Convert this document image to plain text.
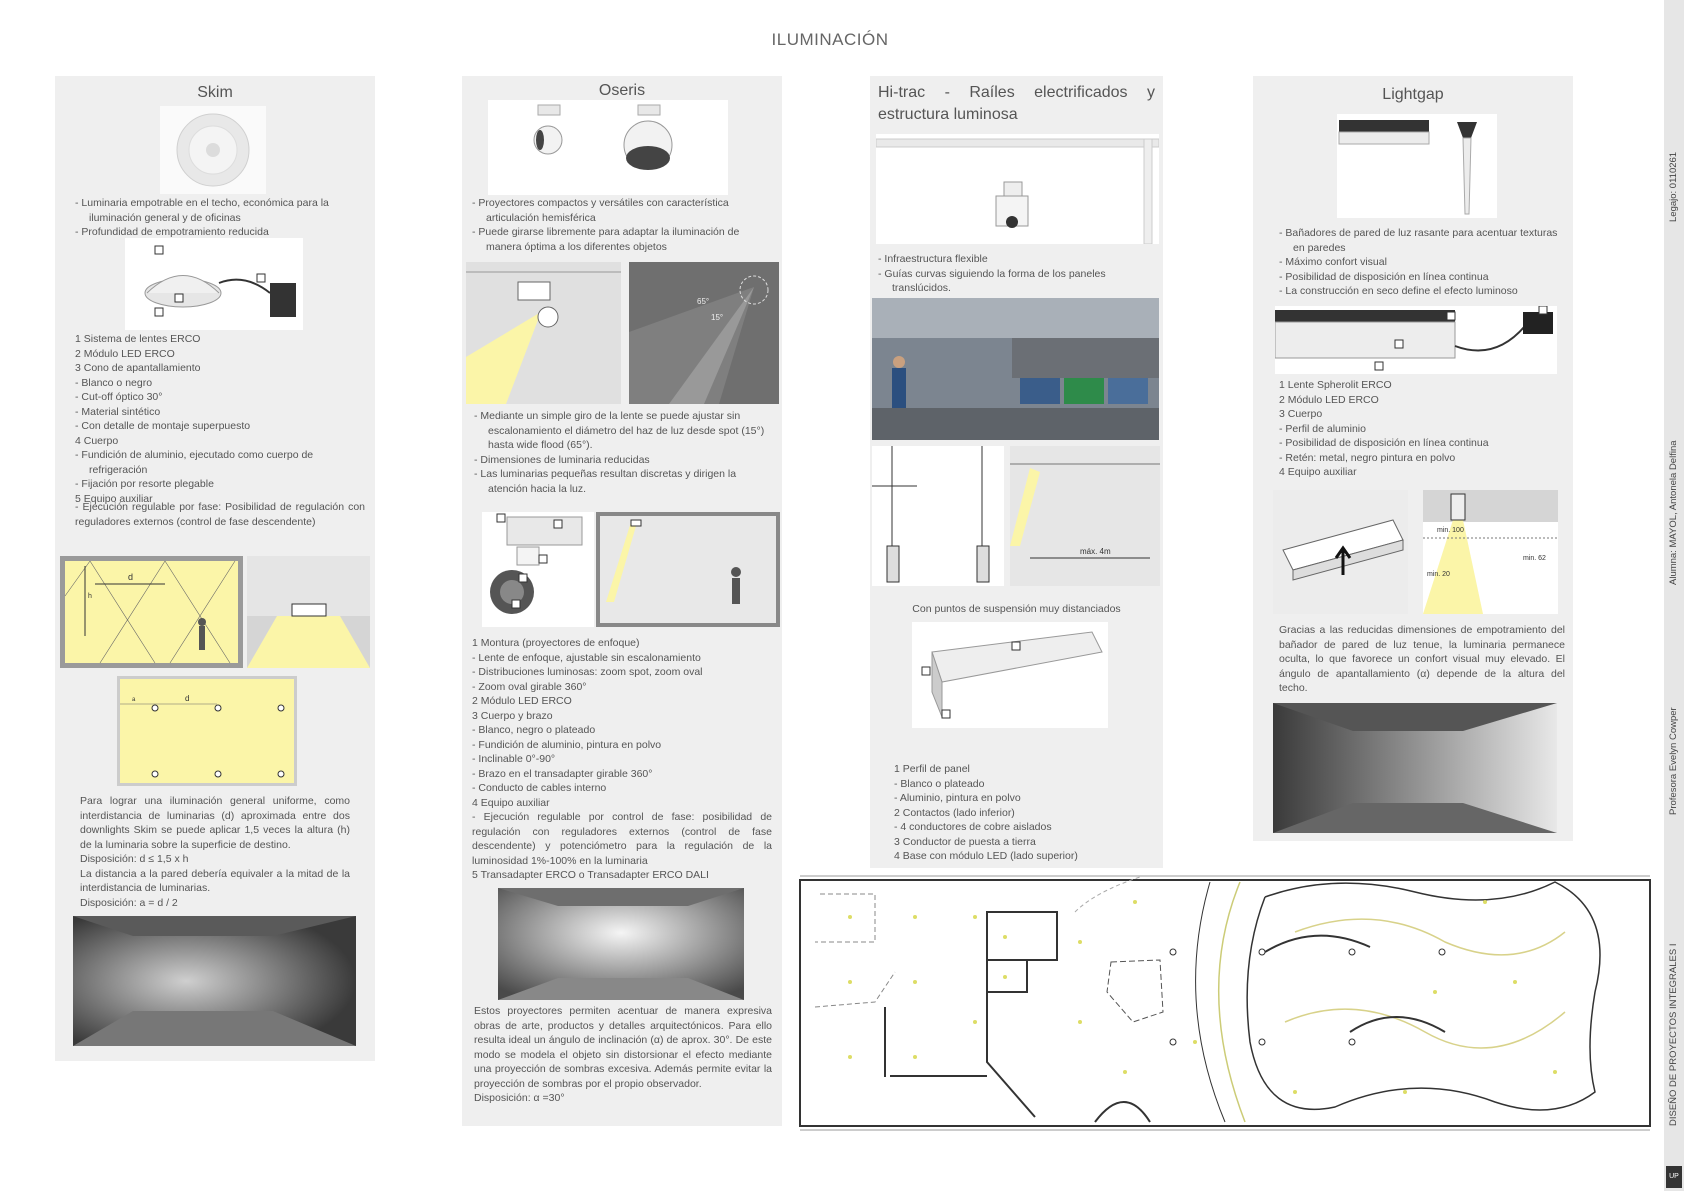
ILUMINACIÓN
Skim
- Luminaria empotrable en el techo, económica para la iluminación general y de oficinas
- Profundidad de empotramiento reducida
1 Sistema de lentes ERCO
2 Módulo LED ERCO
3 Cono de apantallamiento
- Blanco o negro
- Cut-off óptico 30°
- Material sintético
- Con detalle de montaje superpuesto
4 Cuerpo
- Fundición de aluminio, ejecutado como cuerpo de refrigeración
- Fijación por resorte plegable
5 Equipo auxiliar

- Ejecución regulable por fase: Posibilidad de regulación con reguladores externos (control de fase descendente)

d
h
d
a

Para lograr una iluminación general uniforme, como interdistancia de luminarias (d) aproximada entre dos downlights Skim se puede aplicar 1,5 veces la altura (h) de la luminaria sobre la superficie de destino.

Disposición: d ≤ 1,5 x h

La distancia a la pared debería equivaler a la mitad de la interdistancia de luminarias.

Disposición: a = d / 2

Oseris
- Proyectores compactos y versátiles con característica articulación hemisférica
- Puede girarse libremente para adaptar la iluminación de manera óptima a los diferentes objetos
65°
15°
- Mediante un simple giro de la lente se puede ajustar sin escalonamiento el diámetro del haz de luz desde spot (15°) hasta wide flood (65°).
- Dimensiones de luminaria reducidas
- Las luminarias pequeñas resultan discretas y dirigen la atención hacia la luz.
1 Montura (proyectores de enfoque)
- Lente de enfoque, ajustable sin escalonamiento
- Distribuciones luminosas: zoom spot, zoom oval
- Zoom oval girable 360°
2 Módulo LED ERCO
3 Cuerpo y brazo
- Blanco, negro o plateado
- Fundición de aluminio, pintura en polvo
- Inclinable 0°-90°
- Brazo en el transadapter girable 360°
- Conducto de cables interno
4 Equipo auxiliar

- Ejecución regulable por control de fase: posibilidad de regulación con reguladores externos (control de fase descendente) y potenciómetro para la regulación de la luminosidad 1%-100% en la luminaria

5 Transadapter ERCO o Transadapter ERCO DALI

Estos proyectores permiten acentuar de manera expresiva obras de arte, productos y detalles arquitectónicos. Para ello resulta ideal un ángulo de inclinación (α) de aprox. 30°. De este modo se modela el objeto sin distorsionar el efecto mediante una proyección de sombras excesiva. Además permite evitar la proyección de sombras por el propio observador.

Disposición: α =30°

Hi-trac - Raíles electrificados y estructura luminosa
- Infraestructura flexible
- Guías curvas siguiendo la forma de los paneles translúcidos.
máx. 4m
Con puntos de suspensión muy distanciados
1 Perfil de panel
- Blanco o plateado
- Aluminio, pintura en polvo
2 Contactos (lado inferior)
- 4 conductores de cobre aislados
3 Conductor de puesta a tierra
4 Base con módulo LED (lado superior)
Lightgap
- Bañadores de pared de luz rasante para acentuar texturas en paredes
- Máximo confort visual
- Posibilidad de disposición en línea continua
- La construcción en seco define el efecto luminoso
1 Lente Spherolit ERCO
2 Módulo LED ERCO
3 Cuerpo
- Perfil de aluminio
- Posibilidad de disposición en línea continua
- Retén: metal, negro pintura en polvo
4 Equipo auxiliar
min. 100
min. 20
min. 62

Gracias a las reducidas dimensiones de empotramiento del bañador de pared de luz tenue, la luminaria permanece oculta, lo que favorece un confort visual muy elevado. El ángulo de apantallamiento (α) depende de la altura del techo.

Legajo: 0110261
Alumna: MAYOL, Antonela Delfina
Profesora Evelyn Cowper
DISEÑO DE PROYECTOS INTEGRALES I
UP
